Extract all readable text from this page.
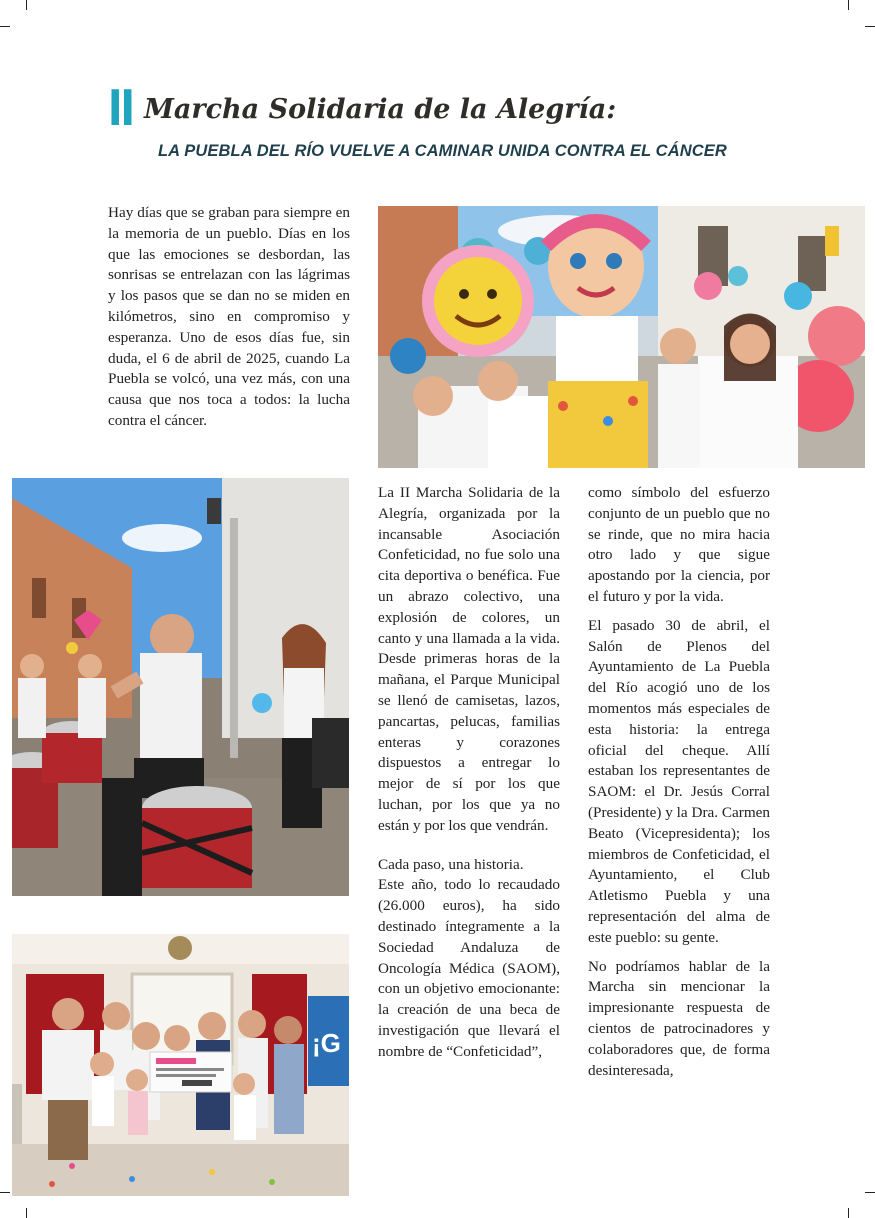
II Marcha Solidaria de la Alegría:
LA PUEBLA DEL RÍO VUELVE A CAMINAR UNIDA CONTRA EL CÁNCER

Hay días que se graban para siempre en la memoria de un pueblo. Días en los que las emociones se desbordan, las sonrisas se entrelazan con las lágrimas y los pasos que se dan no se miden en kilómetros, sino en compromiso y esperanza. Uno de esos días fue, sin duda, el 6 de abril de 2025, cuando La Puebla se volcó, una vez más, con una causa que nos toca a todos: la lucha contra el cáncer.

¡G

La II Marcha Solidaria de la Alegría, organizada por la incansable Asociación Confeticidad, no fue solo una cita deportiva o benéfica. Fue un abrazo colectivo, una explosión de colores, un canto y una llamada a la vida. Desde primeras horas de la mañana, el Parque Municipal se llenó de camisetas, lazos, pancartas, pelucas, familias enteras y corazones dispuestos a entregar lo mejor de sí por los que luchan, por los que ya no están y por los que vendrán.

Cada paso, una historia.

Este año, todo lo recaudado (26.000 euros), ha sido destinado íntegramente a la Sociedad Andaluza de Oncología Médica (SAOM), con un objetivo emocionante: la creación de una beca de investigación que llevará el nombre de “Confeticidad”,

como símbolo del esfuerzo conjunto de un pueblo que no se rinde, que no mira hacia otro lado y que sigue apostando por la ciencia, por el futuro y por la vida.

El pasado 30 de abril, el Salón de Plenos del Ayuntamiento de La Puebla del Río acogió uno de los momentos más especiales de esta historia: la entrega oficial del cheque. Allí estaban los representantes de SAOM: el Dr. Jesús Corral (Presidente) y la Dra. Carmen Beato (Vicepresidenta); los miembros de Confeticidad, el Ayuntamiento, el Club Atletismo Puebla y una representación del alma de este pueblo: su gente.

No podríamos hablar de la Marcha sin mencionar la impresionante respuesta de cientos de patrocinadores y colaboradores que, de forma desinteresada,
